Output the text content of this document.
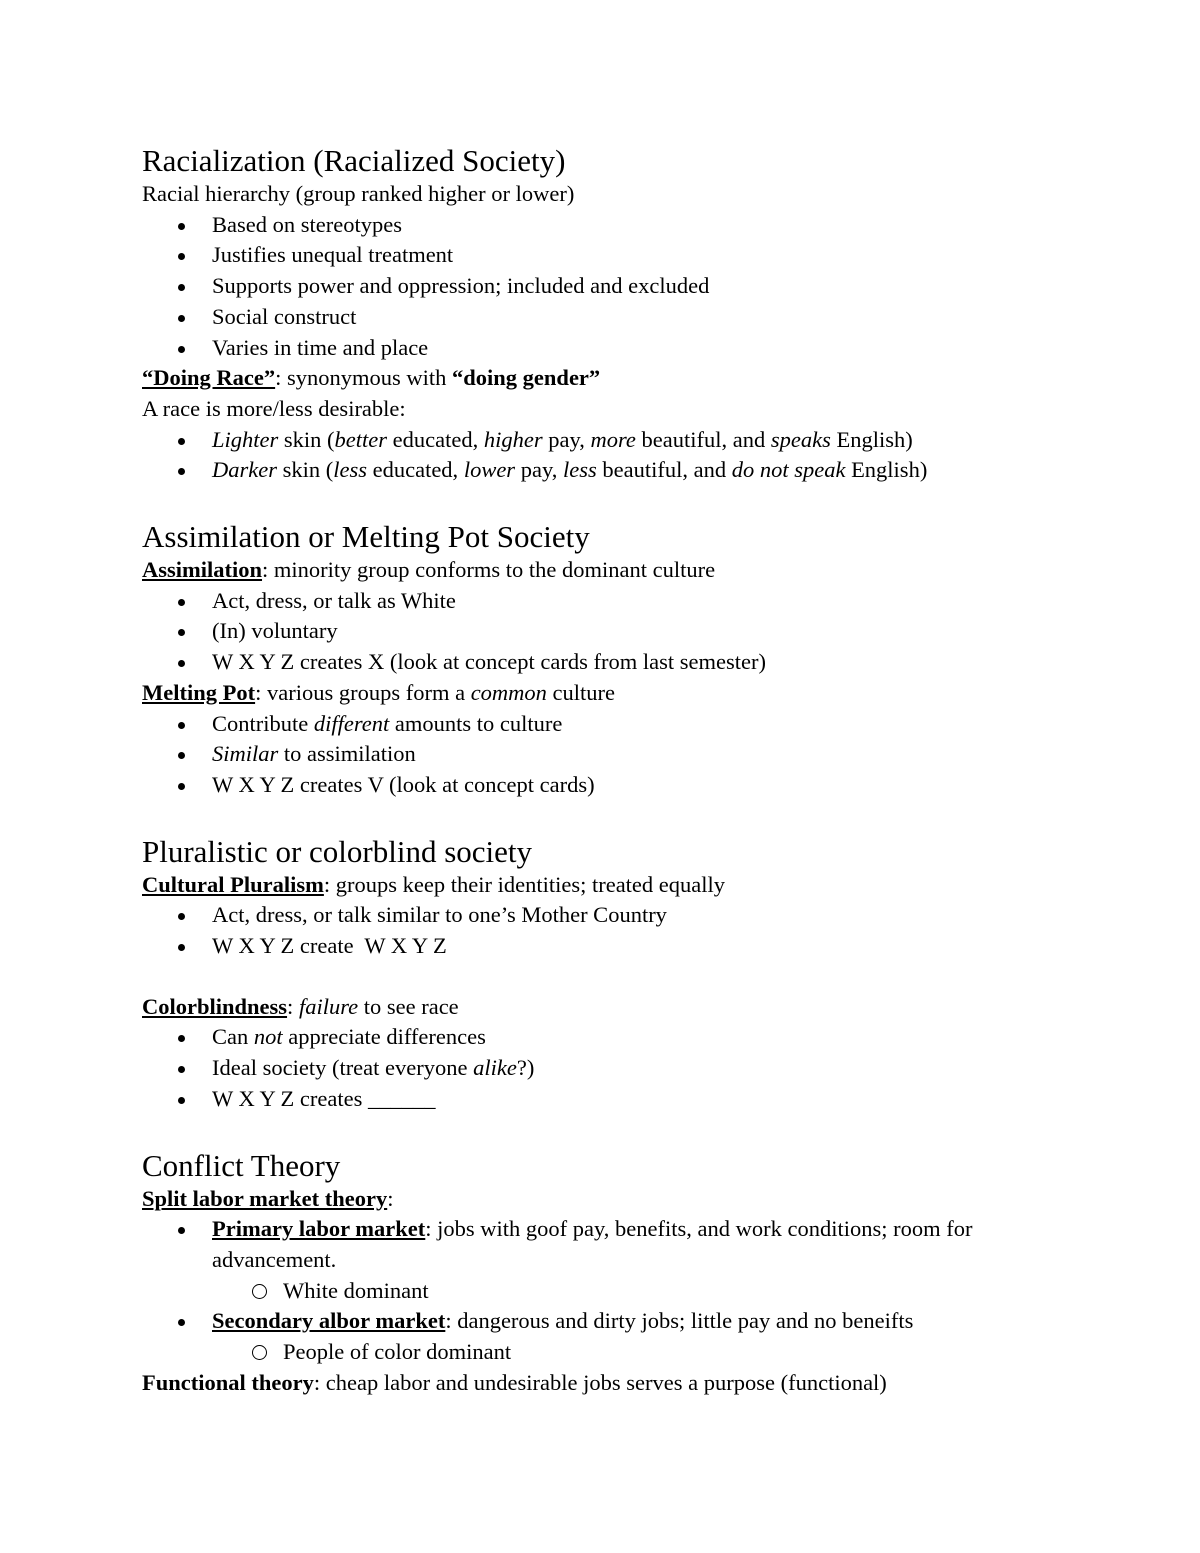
Racialization (Racialized Society)
Racial hierarchy (group ranked higher or lower)
Based on stereotypes
Justifies unequal treatment
Supports power and oppression; included and excluded
Social construct
Varies in time and place
“Doing Race”: synonymous with “doing gender”
A race is more/less desirable:
Lighter skin (better educated, higher pay, more beautiful, and speaks English)
Darker skin (less educated, lower pay, less beautiful, and do not speak English)
Assimilation or Melting Pot Society
Assimilation: minority group conforms to the dominant culture
Act, dress, or talk as White
(In) voluntary
W X Y Z creates X (look at concept cards from last semester)
Melting Pot: various groups form a common culture
Contribute different amounts to culture
Similar to assimilation
W X Y Z creates V (look at concept cards)
Pluralistic or colorblind society
Cultural Pluralism: groups keep their identities; treated equally
Act, dress, or talk similar to one’s Mother Country
W X Y Z create  W X Y Z
Colorblindness: failure to see race
Can not appreciate differences
Ideal society (treat everyone alike?)
W X Y Z creates ______
Conflict Theory
Split labor market theory:
Primary labor market: jobs with goof pay, benefits, and work conditions; room for advancement.
White dominant
Secondary albor market: dangerous and dirty jobs; little pay and no beneifts
People of color dominant
Functional theory: cheap labor and undesirable jobs serves a purpose (functional)
